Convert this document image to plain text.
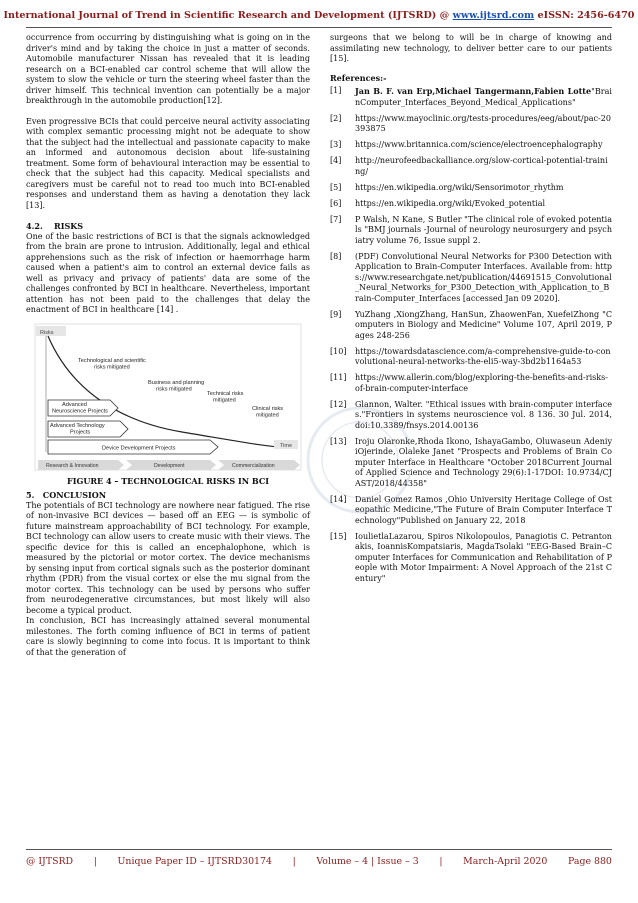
International Journal of Trend in Scientific Research and Development (IJTSRD) @ www.ijtsrd.com eISSN: 2456-6470

occurrence from occurring by distinguishing what is going on in the driver's mind and by taking the choice in just a matter of seconds. Automobile manufacturer Nissan has revealed that it is leading research on a BCI-enabled car control scheme that will allow the system to slow the vehicle or turn the steering wheel faster than the driver himself. This technical invention can potentially be a major breakthrough in the automobile production[12].

Even progressive BCIs that could perceive neural activity associating with complex semantic processing might not be adequate to show that the subject had the intellectual and passionate capacity to make an informed and autonomous decision about life-sustaining treatment. Some form of behavioural interaction may be essential to check that the subject had this capacity. Medical specialists and caregivers must be careful not to read too much into BCI-enabled responses and understand them as having a denotation they lack [13].

4.2.    RISKS

One of the basic restrictions of BCI is that the signals acknowledged from the brain are prone to intrusion. Additionally, legal and ethical apprehensions such as the risk of infection or haemorrhage harm caused when a patient's aim to control an external device fails as well as privacy and privacy of patients' data are some of the challenges confronted by BCI in healthcare. Nevertheless, important attention has not been paid to the challenges that delay the enactment of BCI in healthcare [14] .

Risks
Technological and scientific risks mitigated
Business and planning risks mitigated
Technical risks mitigated
Clinical risks mitigated
Advanced Neuroscience Projects
Advanced Technology Projects
Device Development Projects	Time
Research & Innovation	Development	Commercialization
FIGURE 4 – TECHNOLOGICAL RISKS IN BCI
5.   CONCLUSION

The potentials of BCI technology are nowhere near fatigued. The rise of non-invasive BCI devices — based off an EEG — is symbolic of future mainstream approachability of BCI technology. For example, BCI technology can allow users to create music with their views. The specific device for this is called an encephalophone, which is measured by the pictorial or motor cortex. The device mechanisms by sensing input from cortical signals such as the posterior dominant rhythm (PDR) from the visual cortex or else the mu signal from the motor cortex. This technology can be used by persons who suffer from neurodegenerative circumstances, but most likely will also become a typical product.

In conclusion, BCI has increasingly attained several monumental milestones. The forth coming influence of BCI in terms of patient care is slowly beginning to come into focus. It is important to think of that the generation of

surgeons that we belong to will be in charge of knowing and assimilating new technology, to deliver better care to our patients [15].

References:-
[1]	Jan B. F. van Erp,Michael Tangermann,Fabien Lotte"BrainComputer_Interfaces_Beyond_Medical_Applications"
[2]	https://www.mayoclinic.org/tests-procedures/eeg/about/pac-20393875
[3]	https://www.britannica.com/science/electroencephalography
[4]	http://neurofeedbackalliance.org/slow-cortical-potential-training/
[5]	https://en.wikipedia.org/wiki/Sensorimotor_rhythm
[6]	https://en.wikipedia.org/wiki/Evoked_potential
[7]	P Walsh, N Kane, S Butler "The clinical role of evoked potentials "BMJ journals -Journal of neurology neurosurgery and psychiatry volume 76, Issue suppl 2.
[8]	(PDF) Convolutional Neural Networks for P300 Detection with Application to Brain-Computer Interfaces. Available from: https://www.researchgate.net/publication/44691515_Convolutional_Neural_Networks_for_P300_Detection_with_Application_to_Brain-Computer_Interfaces [accessed Jan 09 2020].
[9]	YuZhang ,XiongZhang, HanSun, ZhaowenFan, XuefeiZhong "Computers in Biology and Medicine" Volume 107, April 2019, Pages 248-256
[10]	https://towardsdatascience.com/a-comprehensive-guide-to-convolutional-neural-networks-the-eli5-way-3bd2b1164a53
[11]	https://www.allerin.com/blog/exploring-the-benefits-and-risks-of-brain-computer-interface
[12]	Glannon, Walter. "Ethical issues with brain-computer interfaces."Frontiers in systems neuroscience vol. 8 136. 30 Jul. 2014, doi:10.3389/fnsys.2014.00136
[13]	Iroju Olaronke,Rhoda Ikono, IshayaGambo, Oluwaseun AdeniyiOjerinde, Olaleke Janet "Prospects and Problems of Brain Computer Interface in Healthcare "October 2018Current Journal of Applied Science and Technology 29(6):1-17DOI: 10.9734/CJAST/2018/44358"
[14]	Daniel Gomez Ramos ,Ohio University Heritage College of Osteopathic Medicine,"The Future of Brain Computer Interface Technology"Published on January 22, 2018
[15]	IoulietlaLazarou, Spiros Nikolopoulos, Panagiotis C. Petrantonakis, IoannisKompatsiaris, MagdaTsolaki "EEG-Based Brain–Computer Interfaces for Communication and Rehabilitation of People with Motor Impairment: A Novel Approach of the 21st Century"
@ IJTSRD | Unique Paper ID – IJTSRD30174 | Volume – 4 | Issue – 3 | March-April 2020 Page 880
